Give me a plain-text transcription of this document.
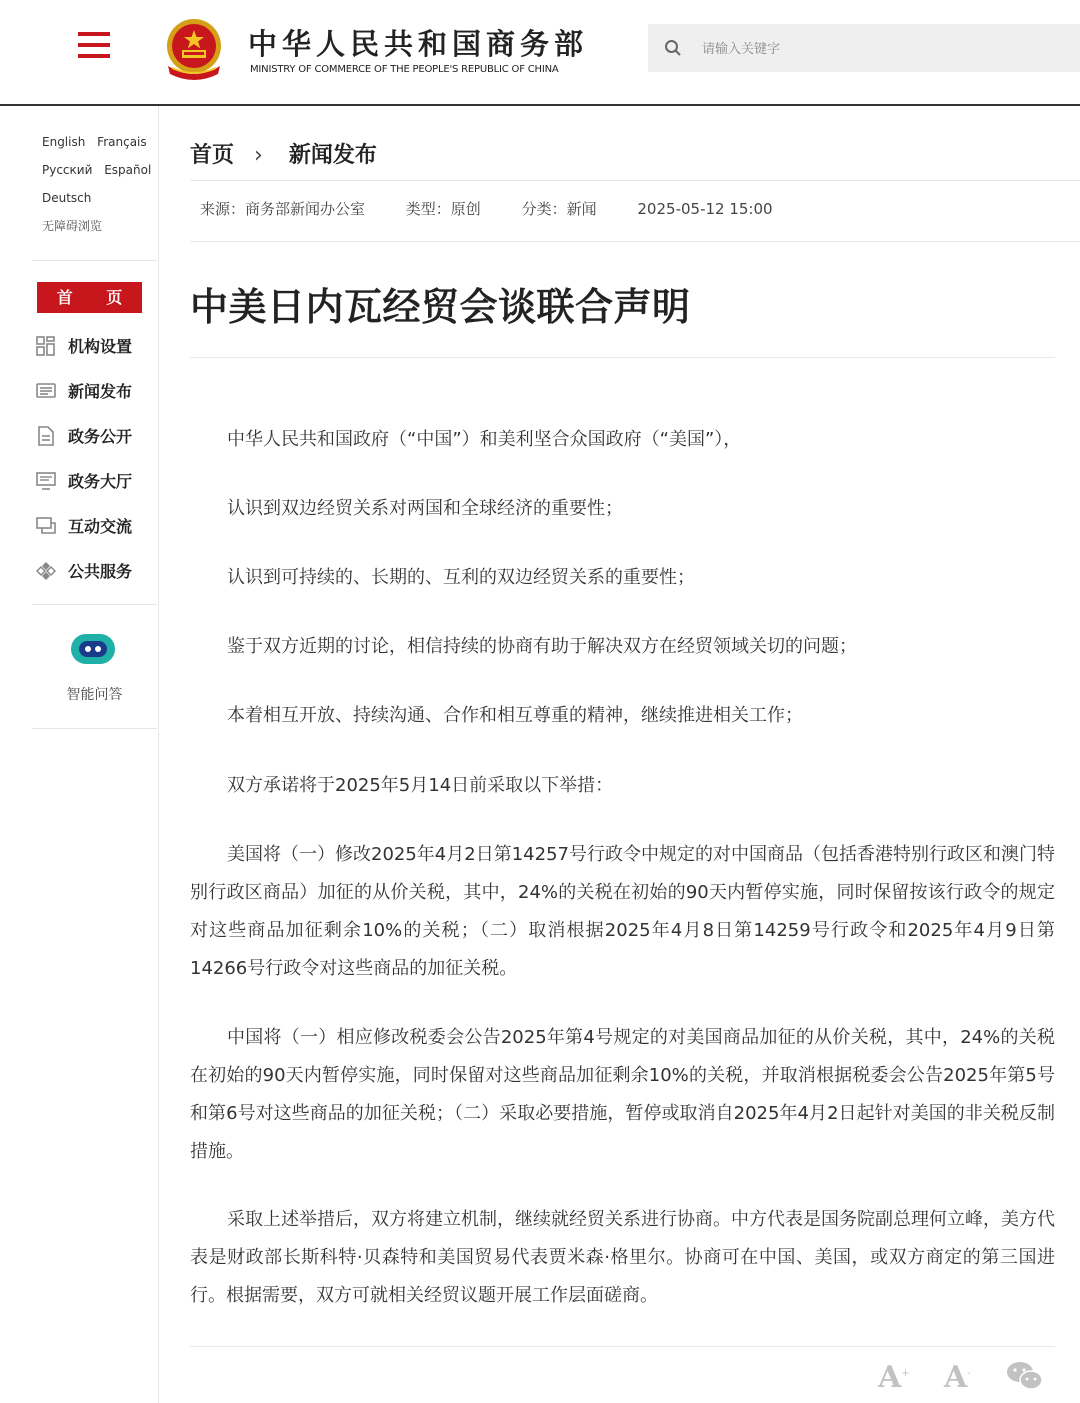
中华人民共和国商务部
MINISTRY OF COMMERCE OF THE PEOPLE'S REPUBLIC OF CHINA
请输入关键字
English Français
Русский Español
Deutsch
无障碍浏览
首 页
机构设置
新闻发布
政务公开
政务大厅
互动交流
公共服务
智能问答
首页 › 新闻发布
来源：商务部新闻办公室	类型：原创	分类：新闻	2025-05-12 15:00
中美日内瓦经贸会谈联合声明
中华人民共和国政府（“中国”）和美利坚合众国政府（“美国”），
认识到双边经贸关系对两国和全球经济的重要性；
认识到可持续的、长期的、互利的双边经贸关系的重要性；
鉴于双方近期的讨论，相信持续的协商有助于解决双方在经贸领域关切的问题；
本着相互开放、持续沟通、合作和相互尊重的精神，继续推进相关工作；
双方承诺将于2025年5月14日前采取以下举措：
美国将（一）修改2025年4月2日第14257号行政令中规定的对中国商品（包括香港特别行政区和澳门特别行政区商品）加征的从价关税，其中，24%的关税在初始的90天内暂停实施，同时保留按该行政令的规定对这些商品加征剩余10%的关税；（二）取消根据2025年4月8日第14259号行政令和2025年4月9日第14266号行政令对这些商品的加征关税。
中国将（一）相应修改税委会公告2025年第4号规定的对美国商品加征的从价关税，其中，24%的关税在初始的90天内暂停实施，同时保留对这些商品加征剩余10%的关税，并取消根据税委会公告2025年第5号和第6号对这些商品的加征关税；（二）采取必要措施，暂停或取消自2025年4月2日起针对美国的非关税反制措施。
采取上述举措后，双方将建立机制，继续就经贸关系进行协商。中方代表是国务院副总理何立峰，美方代表是财政部长斯科特·贝森特和美国贸易代表贾米森·格里尔。协商可在中国、美国，或双方商定的第三国进行。根据需要，双方可就相关经贸议题开展工作层面磋商。
A+ A-
